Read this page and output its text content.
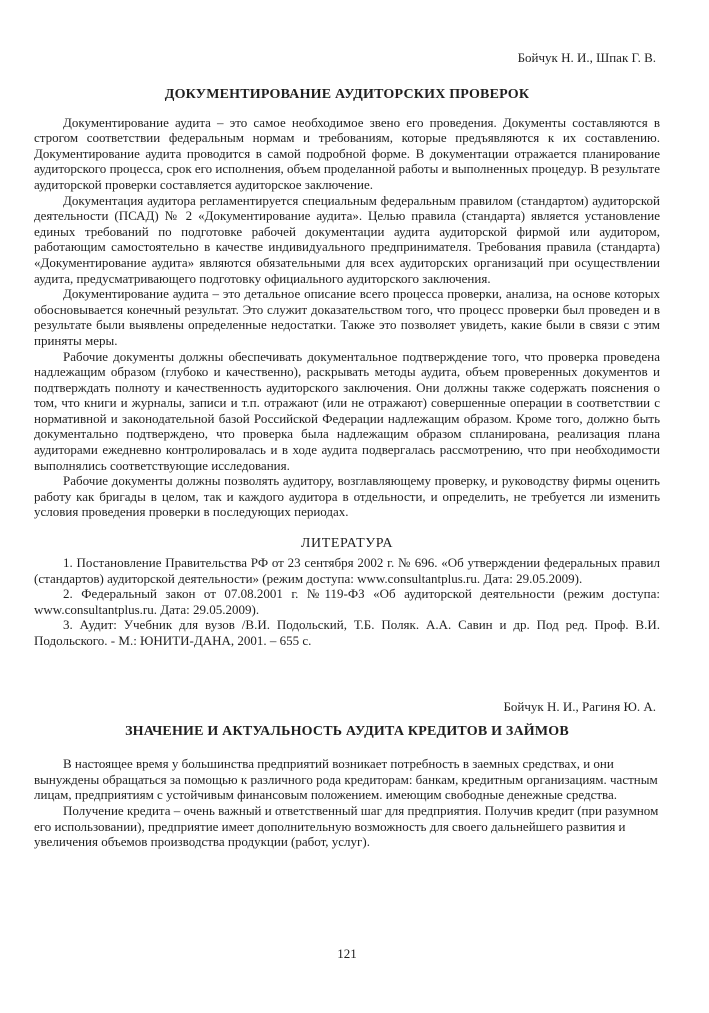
Бойчук Н. И., Шпак Г. В.

ДОКУМЕНТИРОВАНИЕ АУДИТОРСКИХ ПРОВЕРОК

Документирование аудита – это самое необходимое звено его проведения. Документы составляются в строгом соответствии федеральным нормам и требованиям, которые предъявляются к их составлению. Документирование аудита проводится в самой подробной форме. В документации отражается планирование аудиторского процесса, срок его исполнения, объем проделанной работы и выполненных процедур. В результате аудиторской проверки составляется аудиторское заключение.

Документация аудитора регламентируется специальным федеральным правилом (стандартом) аудиторской деятельности (ПСАД) № 2 «Документирование аудита». Целью правила (стандарта) является установление единых требований по подготовке рабочей документации аудита аудиторской фирмой или аудитором, работающим самостоятельно в качестве индивидуального предпринимателя. Требования правила (стандарта) «Документирование аудита» являются обязательными для всех аудиторских организаций при осуществлении аудита, предусматривающего подготовку официального аудиторского заключения.

Документирование аудита – это детальное описание всего процесса проверки, анализа, на основе которых обосновывается конечный результат. Это служит доказательством того, что процесс проверки был проведен и в результате были выявлены определенные недостатки. Также это позволяет увидеть, какие были в связи с этим приняты меры.

Рабочие документы должны обеспечивать документальное подтверждение того, что проверка проведена надлежащим образом (глубоко и качественно), раскрывать методы аудита, объем проверенных документов и подтверждать полноту и качественность аудиторского заключения. Они должны также содержать пояснения о том, что книги и журналы, записи и т.п. отражают (или не отражают) совершенные операции в соответствии с нормативной и законодательной базой Российской Федерации надлежащим образом. Кроме того, должно быть документально подтверждено, что проверка была надлежащим образом спланирована, реализация плана аудиторами ежедневно контролировалась и в ходе аудита подвергалась рассмотрению, что при необходимости выполнялись соответствующие исследования.

Рабочие документы должны позволять аудитору, возглавляющему проверку, и руководству фирмы оценить работу как бригады в целом, так и каждого аудитора в отдельности, и определить, не требуется ли изменить условия проведения проверки в последующих периодах.

ЛИТЕРАТУРА

1. Постановление Правительства РФ от 23 сентября 2002 г. № 696. «Об утверждении федеральных правил (стандартов) аудиторской деятельности» (режим доступа: www.consultantplus.ru. Дата: 29.05.2009).

2. Федеральный закон от 07.08.2001 г. №119-ФЗ «Об аудиторской деятельности (режим доступа: www.consultantplus.ru. Дата: 29.05.2009).

3. Аудит: Учебник для вузов /В.И. Подольский, Т.Б. Поляк. А.А. Савин и др. Под ред. Проф. В.И. Подольского. - М.: ЮНИТИ-ДАНА, 2001. – 655 с.

Бойчук Н. И., Рагиня Ю. А.

ЗНАЧЕНИЕ И АКТУАЛЬНОСТЬ АУДИТА КРЕДИТОВ И ЗАЙМОВ

В настоящее время у большинства предприятий возникает потребность в заемных средствах, и они вынуждены обращаться за помощью к различного рода кредиторам: банкам, кредитным организациям. частным лицам, предприятиям с устойчивым финансовым положением. имеющим свободные денежные средства.

Получение кредита – очень важный и ответственный шаг для предприятия. Получив кредит (при разумном его использовании), предприятие имеет дополнительную возможность для своего дальнейшего развития и увеличения объемов производства продукции (работ, услуг).

121
